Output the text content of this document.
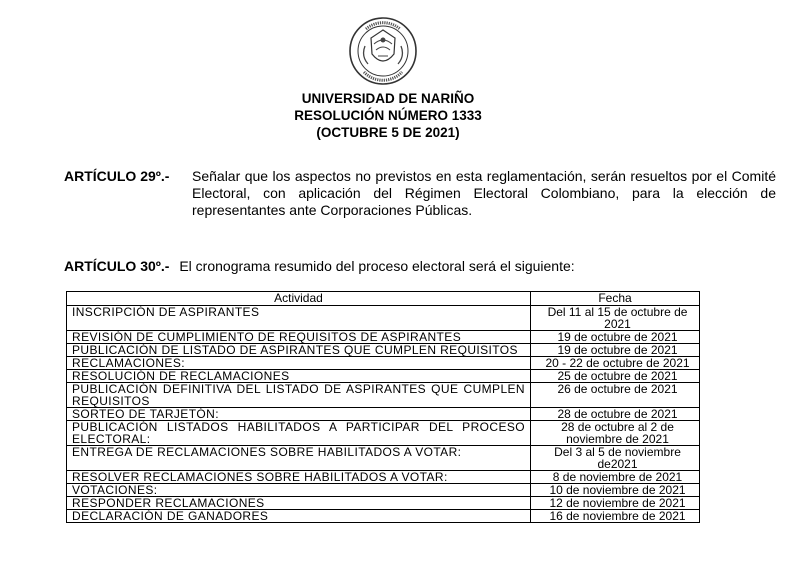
UNIVERSIDAD DE NARIÑO
RESOLUCIÓN NÚMERO 1333
(OCTUBRE 5 DE 2021)
ARTÍCULO 29º.- Señalar que los aspectos no previstos en esta reglamentación, serán resueltos por el Comité Electoral, con aplicación del Régimen Electoral Colombiano, para la elección de representantes ante Corporaciones Públicas.
ARTÍCULO 30º.- El cronograma resumido del proceso electoral será el siguiente:
Actividad	Fecha
INSCRIPCIÓN DE ASPIRANTES	Del 11 al 15 de octubre de 2021
REVISIÓN DE CUMPLIMIENTO DE REQUISITOS DE ASPIRANTES	19 de octubre de 2021
PUBLICACIÓN DE LISTADO DE ASPIRANTES QUE CUMPLEN REQUISITOS	19 de octubre de 2021
RECLAMACIONES:	20 - 22 de octubre de 2021
RESOLUCIÓN DE RECLAMACIONES	25 de octubre de 2021
PUBLICACIÓN DEFINITIVA DEL LISTADO DE ASPIRANTES QUE CUMPLEN REQUISITOS	26 de octubre de 2021
SORTEO DE TARJETÓN:	28 de octubre de 2021
PUBLICACIÓN LISTADOS HABILITADOS A PARTICIPAR DEL PROCESO ELECTORAL:	28 de octubre al 2 de noviembre de 2021
ENTREGA DE RECLAMACIONES SOBRE HABILITADOS A VOTAR:	Del 3 al 5 de noviembre de2021
RESOLVER RECLAMACIONES SOBRE HABILITADOS A VOTAR:	8 de noviembre de 2021
VOTACIONES:	10 de noviembre de 2021
RESPONDER RECLAMACIONES	12 de noviembre de 2021
DECLARACIÓN DE GANADORES	16 de noviembre de 2021
